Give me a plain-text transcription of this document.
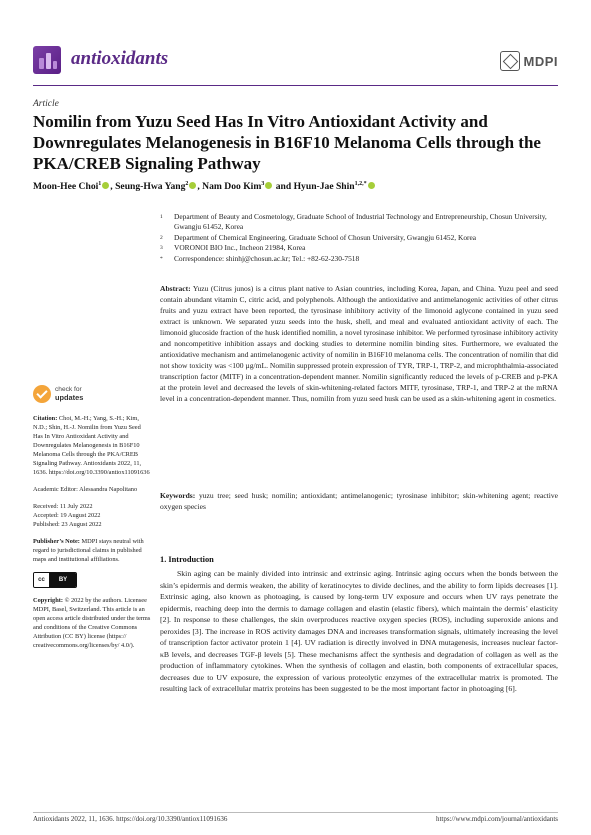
antioxidants	MDPI
Article
Nomilin from Yuzu Seed Has In Vitro Antioxidant Activity and Downregulates Melanogenesis in B16F10 Melanoma Cells through the PKA/CREB Signaling Pathway
Moon-Hee Choi$^1$ , Seung-Hwa Yang$^2$ , Nam Doo Kim$^3$ and Hyun-Jae Shin$^{1,2,*}$
1	Department of Beauty and Cosmetology, Graduate School of Industrial Technology and Entrepreneurship, Chosun University, Gwangju 61452, Korea
2	Department of Chemical Engineering, Graduate School of Chosun University, Gwangju 61452, Korea
3	VORONOI BIO Inc., Incheon 21984, Korea
*	Correspondence: shinhj@chosun.ac.kr; Tel.: +82-62-230-7518
Abstract: Yuzu (Citrus junos) is a citrus plant native to Asian countries, including Korea, Japan, and China. Yuzu peel and seed contain abundant vitamin C, citric acid, and polyphenols. Although the antioxidative and antimelanogenic activities of other citrus fruits and yuzu extract have been reported, the tyrosinase inhibitory activity of the limonoid aglycone contained in yuzu seed extract is unknown. We separated yuzu seeds into the husk, shell, and meal and evaluated antioxidant activity of each. The limonoid glucoside fraction of the husk identified nomilin, a novel tyrosinase inhibitor. We performed tyrosinase inhibitory activity and noncompetitive inhibition assays and docking studies to determine nomilin binding sites. Furthermore, we evaluated the antioxidative mechanism and antimelanogenic activity of nomilin in B16F10 melanoma cells. The concentration of nomilin that did not show toxicity was <100 µg/mL. Nomilin suppressed protein expression of TYR, TRP-1, TRP-2, and microphthalmia-associated transcription factor (MITF) in a concentration-dependent manner. Nomilin significantly reduced the levels of p-CREB and p-PKA at the protein level and decreased the levels of skin-whitening-related factors MITF, tyrosinase, TRP-1, and TRP-2 at the mRNA level in a concentration-dependent manner. Thus, nomilin from yuzu seed husk can be used as a skin-whitening agent in cosmetics.
Keywords: yuzu tree; seed husk; nomilin; antioxidant; antimelanogenic; tyrosinase inhibitor; skin-whitening agent; reactive oxygen species
check for
updates
Citation: Choi, M.-H.; Yang, S.-H.; Kim, N.D.; Shin, H.-J. Nomilin from Yuzu Seed Has In Vitro Antioxidant Activity and Downregulates Melanogenesis in B16F10 Melanoma Cells through the PKA/CREB Signaling Pathway. Antioxidants 2022, 11, 1636. https://doi.org/10.3390/antiox11091636
Academic Editor: Alessandra Napolitano
Received: 11 July 2022
Accepted: 19 August 2022
Published: 23 August 2022
Publisher’s Note: MDPI stays neutral with regard to jurisdictional claims in published maps and institutional affiliations.
cc	BY
Copyright: © 2022 by the authors. Licensee MDPI, Basel, Switzerland. This article is an open access article distributed under the terms and conditions of the Creative Commons Attribution (CC BY) license (https:// creativecommons.org/licenses/by/ 4.0/).
1. Introduction
Skin aging can be mainly divided into intrinsic and extrinsic aging. Intrinsic aging occurs when the bonds between the skin’s epidermis and dermis weaken, the ability of keratinocytes to divide declines, and the ability to form lipids decreases [1]. Extrinsic aging, also known as photoaging, is caused by long-term UV exposure and occurs when UV rays penetrate the epidermis, reaching deep into the dermis to damage collagen and elastin (elastic fibers), which maintain the dermis’ elasticity [2]. In response to these challenges, the skin overproduces reactive oxygen species (ROS), including superoxide anions and peroxides [3]. The increase in ROS activity damages DNA and increases transformation signals, ultimately increasing the level of transcription factor activator protein 1 [4]. UV radiation is directly involved in DNA mutagenesis, increases nuclear factor-κB levels, and decreases TGF-β levels [5]. These mechanisms affect the synthesis and degradation of collagen as well as the production of inflammatory cytokines. When the synthesis of collagen and elastin, both components of extracellular spaces, decreases due to UV exposure, the expression of various proteolytic enzymes of the extracellular matrix is promoted. The resulting lack of extracellular matrix proteins has been suggested to be the most important factor in photoaging [6].
Antioxidants 2022, 11, 1636. https://doi.org/10.3390/antiox11091636	https://www.mdpi.com/journal/antioxidants
